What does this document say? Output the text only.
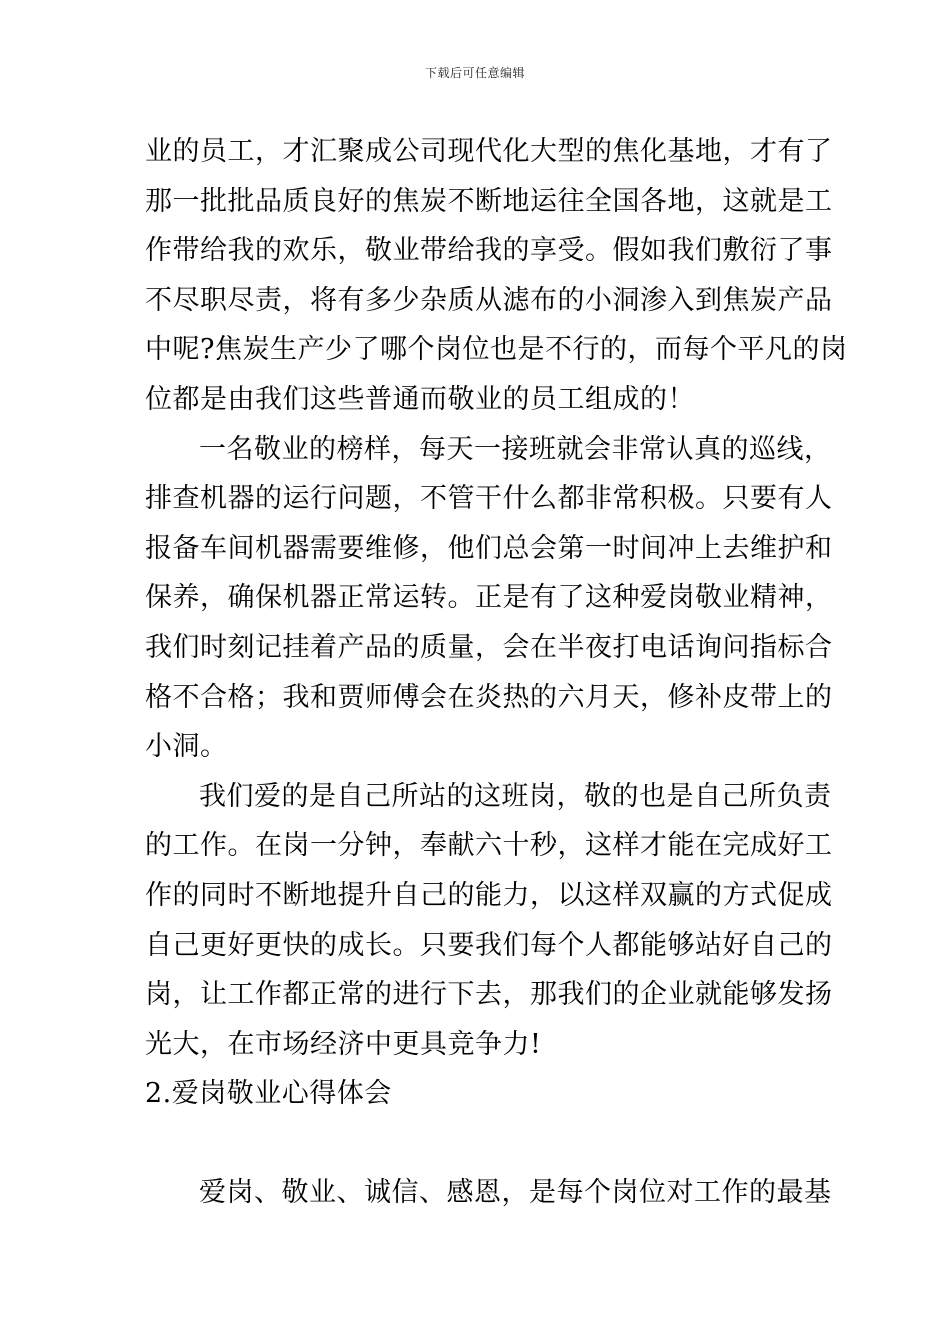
下载后可任意编辑
业的员工，才汇聚成公司现代化大型的焦化基地，才有了
那一批批品质良好的焦炭不断地运往全国各地，这就是工
作带给我的欢乐，敬业带给我的享受。假如我们敷衍了事
不尽职尽责，将有多少杂质从滤布的小洞渗入到焦炭产品
中呢?焦炭生产少了哪个岗位也是不行的，而每个平凡的岗
位都是由我们这些普通而敬业的员工组成的！
一名敬业的榜样，每天一接班就会非常认真的巡线，
排查机器的运行问题，不管干什么都非常积极。只要有人
报备车间机器需要维修，他们总会第一时间冲上去维护和
保养，确保机器正常运转。正是有了这种爱岗敬业精神，
我们时刻记挂着产品的质量，会在半夜打电话询问指标合
格不合格；我和贾师傅会在炎热的六月天，修补皮带上的
小洞。
我们爱的是自己所站的这班岗，敬的也是自己所负责
的工作。在岗一分钟，奉献六十秒，这样才能在完成好工
作的同时不断地提升自己的能力，以这样双赢的方式促成
自己更好更快的成长。只要我们每个人都能够站好自己的
岗，让工作都正常的进行下去，那我们的企业就能够发扬
光大，在市场经济中更具竞争力!
2.爱岗敬业心得体会
爱岗、敬业、诚信、感恩，是每个岗位对工作的最基
